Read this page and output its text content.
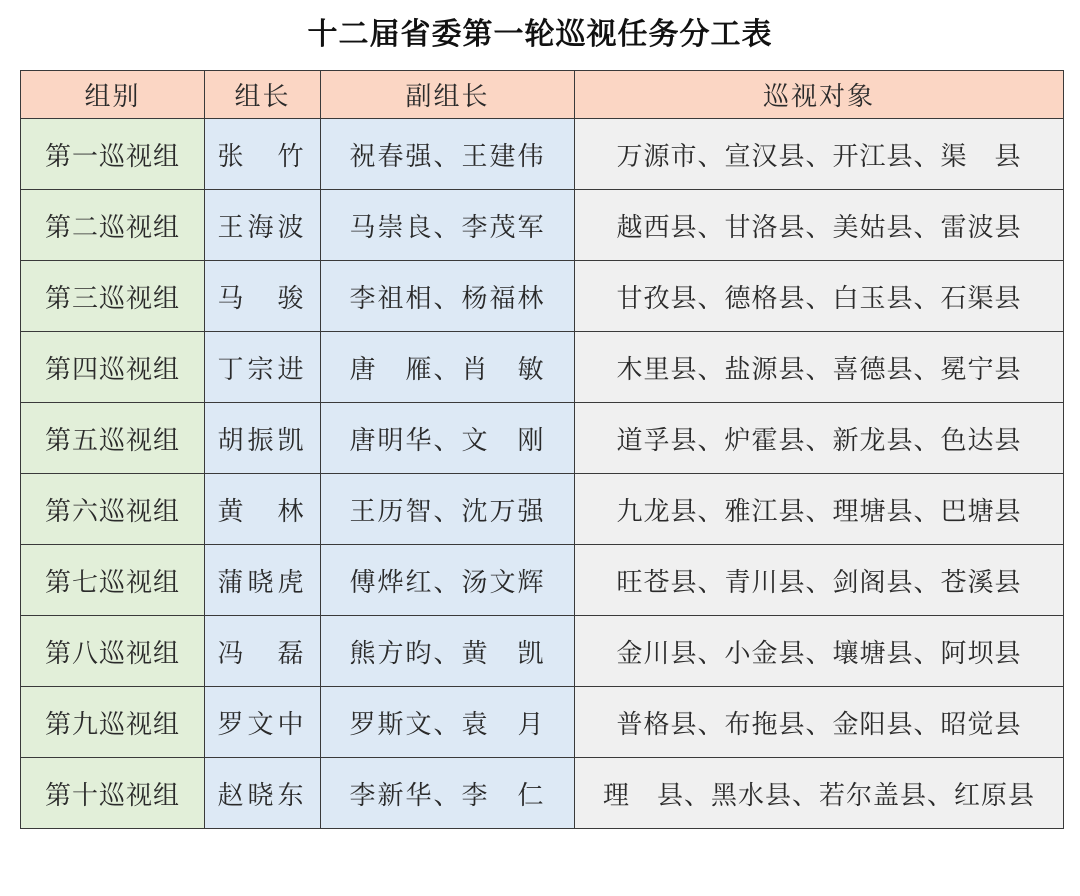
十二届省委第一轮巡视任务分工表
组别	组长	副组长	巡视对象
第一巡视组	张　竹	祝春强、王建伟	万源市、宣汉县、开江县、渠　县
第二巡视组	王海波	马崇良、李茂军	越西县、甘洛县、美姑县、雷波县
第三巡视组	马　骏	李祖相、杨福林	甘孜县、德格县、白玉县、石渠县
第四巡视组	丁宗进	唐　雁、肖　敏	木里县、盐源县、喜德县、冕宁县
第五巡视组	胡振凯	唐明华、文　刚	道孚县、炉霍县、新龙县、色达县
第六巡视组	黄　林	王历智、沈万强	九龙县、雅江县、理塘县、巴塘县
第七巡视组	蒲晓虎	傅烨红、汤文辉	旺苍县、青川县、剑阁县、苍溪县
第八巡视组	冯　磊	熊方昀、黄　凯	金川县、小金县、壤塘县、阿坝县
第九巡视组	罗文中	罗斯文、袁　月	普格县、布拖县、金阳县、昭觉县
第十巡视组	赵晓东	李新华、李　仁	理　县、黑水县、若尔盖县、红原县
